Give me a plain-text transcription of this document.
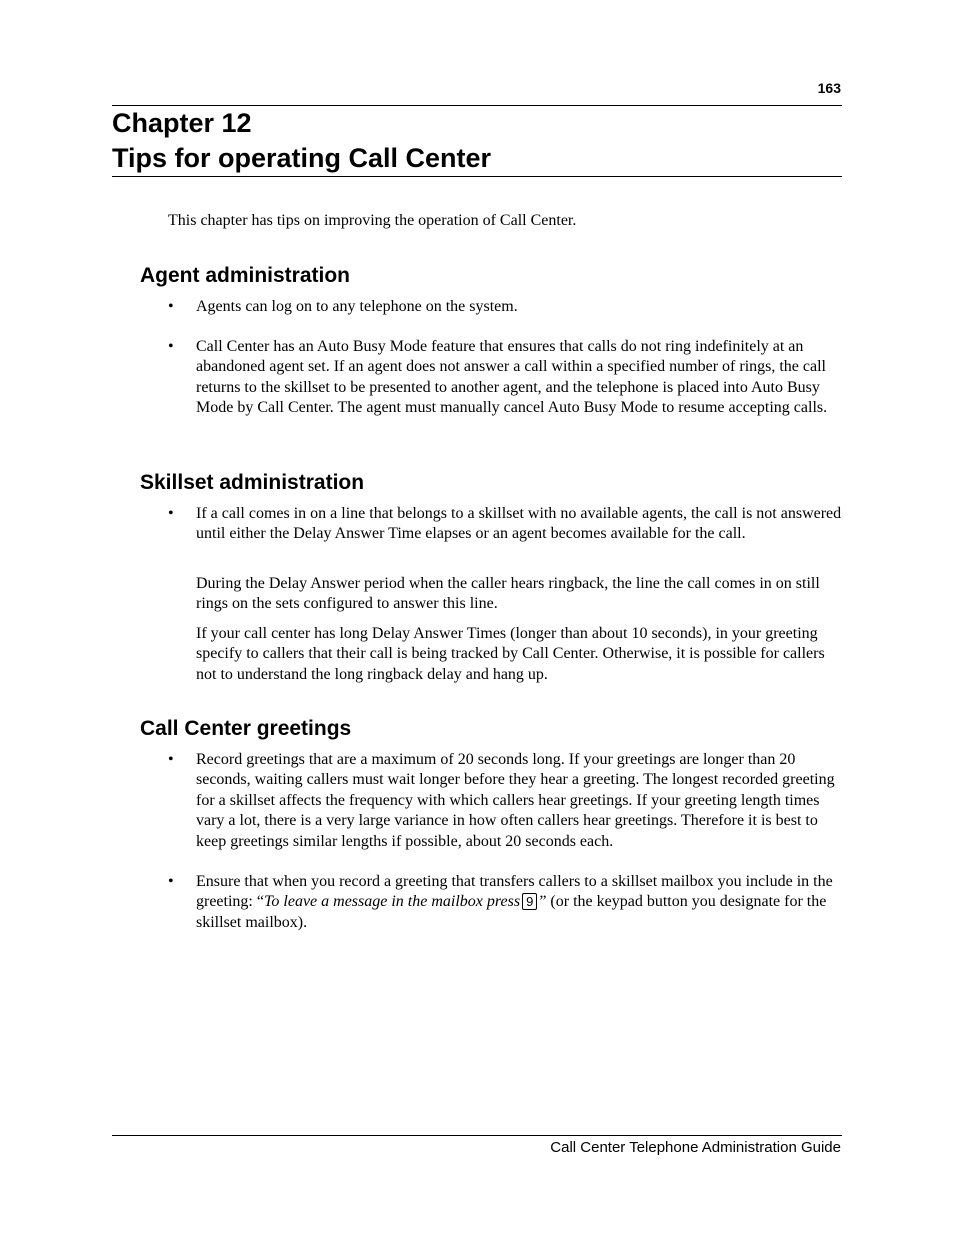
163
Chapter 12
Tips for operating Call Center
This chapter has tips on improving the operation of Call Center.
Agent administration
• Agents can log on to any telephone on the system.
• Call Center has an Auto Busy Mode feature that ensures that calls do not ring indefinitely at an abandoned agent set. If an agent does not answer a call within a specified number of rings, the call returns to the skillset to be presented to another agent, and the telephone is placed into Auto Busy Mode by Call Center. The agent must manually cancel Auto Busy Mode to resume accepting calls.
Skillset administration
• If a call comes in on a line that belongs to a skillset with no available agents, the call is not answered until either the Delay Answer Time elapses or an agent becomes available for the call.
During the Delay Answer period when the caller hears ringback, the line the call comes in on still rings on the sets configured to answer this line.
If your call center has long Delay Answer Times (longer than about 10 seconds), in your greeting specify to callers that their call is being tracked by Call Center. Otherwise, it is possible for callers not to understand the long ringback delay and hang up.
Call Center greetings
• Record greetings that are a maximum of 20 seconds long. If your greetings are longer than 20 seconds, waiting callers must wait longer before they hear a greeting. The longest recorded greeting for a skillset affects the frequency with which callers hear greetings. If your greeting length times vary a lot, there is a very large variance in how often callers hear greetings. Therefore it is best to keep greetings similar lengths if possible, about 20 seconds each.
• Ensure that when you record a greeting that transfers callers to a skillset mailbox you include in the greeting: “To leave a message in the mailbox press 9 ” (or the keypad button you designate for the skillset mailbox).
Call Center Telephone Administration Guide
